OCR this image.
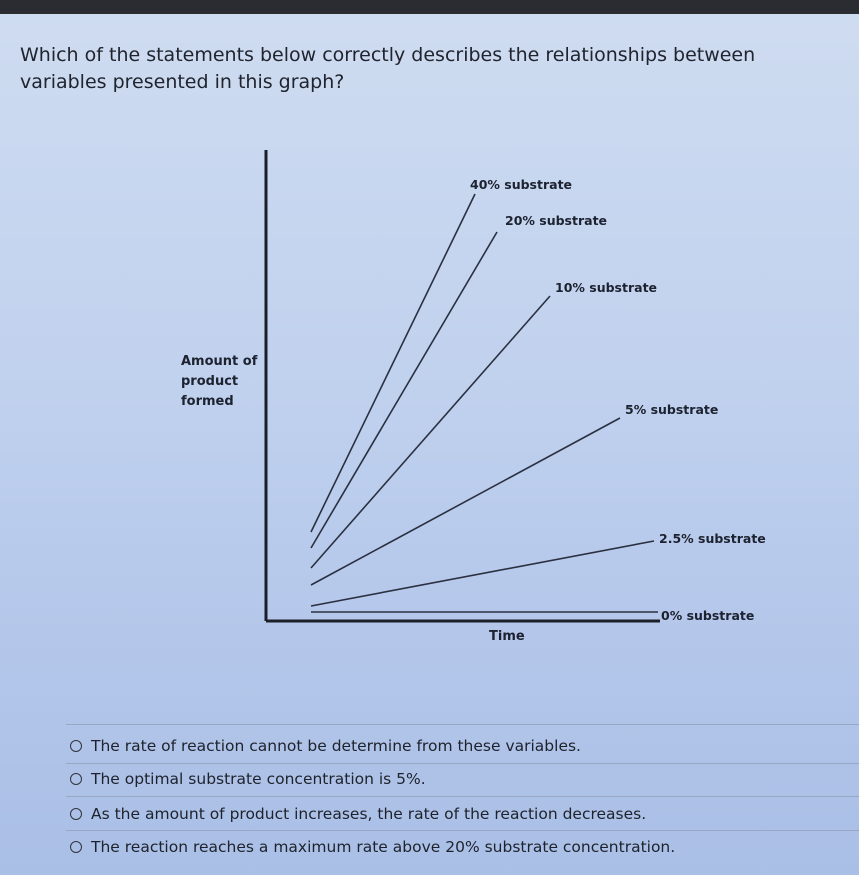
Which of the statements below correctly describes the relationships between variables presented in this graph?
40% substrate
20% substrate
10% substrate
5% substrate
2.5% substrate
0% substrate
Amount of product formed
Time
The rate of reaction cannot be determine from these variables.
The optimal substrate concentration is 5%.
As the amount of product increases, the rate of the reaction decreases.
The reaction reaches a maximum rate above 20% substrate concentration.
